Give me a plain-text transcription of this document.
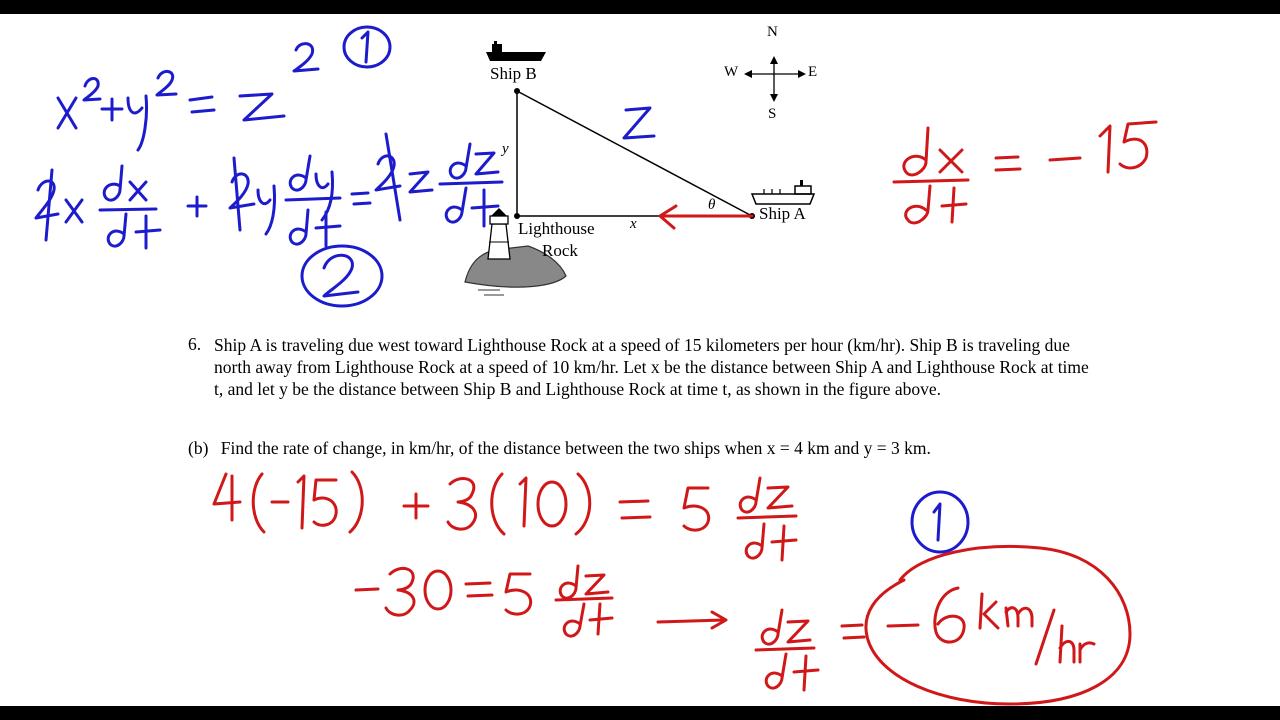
Ship B
Ship A
Lighthouse
Rock
x
y
θ
N
S
E
W
6. Ship A is traveling due west toward Lighthouse Rock at a speed of 15 kilometers per hour (km/hr). Ship B is traveling due north away from Lighthouse Rock at a speed of 10 km/hr. Let x be the distance between Ship A and Lighthouse Rock at time t, and let y be the distance between Ship B and Lighthouse Rock at time t, as shown in the figure above.
(b) Find the rate of change, in km/hr, of the distance between the two ships when x = 4 km and y = 3 km.
